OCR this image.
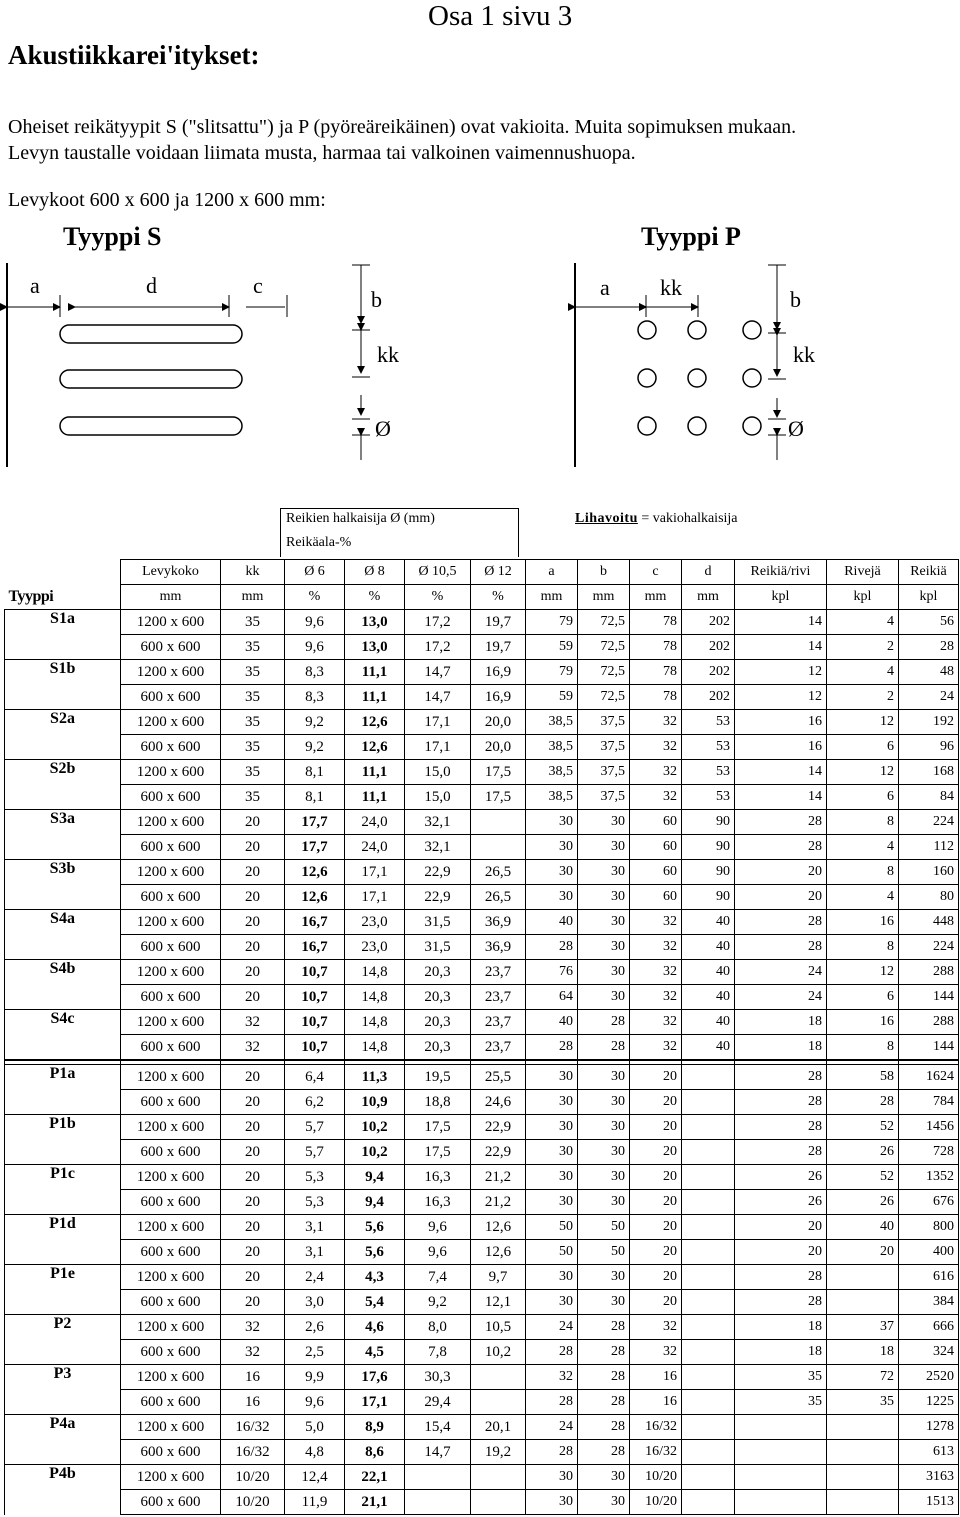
Osa 1 sivu 3
Akustiikkarei'itykset:
Oheiset reikätyypit S ("slitsattu") ja P (pyöreäreikäinen) ovat vakioita. Muita sopimuksen mukaan.
Levyn taustalle voidaan liimata musta, harmaa tai valkoinen vaimennushuopa.
Levykoot 600 x 600 ja 1200 x 600 mm:
Tyyppi S	Tyyppi P
a	d	c
b
kk
Ø
a kk	b
kk
Ø
Reikien halkaisija Ø (mm)
Reikäala-%
Lihavoitu = vakiohalkaisija
	Levykoko	kk	Ø 6	Ø 8	Ø 10,5	Ø 12	a	b	c	d	Reikiä/rivi	Rivejä	Reikiä
Tyyppi	mm	mm	%	%	%	%	mm	mm	mm	mm	kpl	kpl	kpl
S1a	1200 x 600	35	9,6	13,0	17,2	19,7	79	72,5	78	202	14	4	56
	600 x 600	35	9,6	13,0	17,2	19,7	59	72,5	78	202	14	2	28
S1b	1200 x 600	35	8,3	11,1	14,7	16,9	79	72,5	78	202	12	4	48
	600 x 600	35	8,3	11,1	14,7	16,9	59	72,5	78	202	12	2	24
S2a	1200 x 600	35	9,2	12,6	17,1	20,0	38,5	37,5	32	53	16	12	192
	600 x 600	35	9,2	12,6	17,1	20,0	38,5	37,5	32	53	16	6	96
S2b	1200 x 600	35	8,1	11,1	15,0	17,5	38,5	37,5	32	53	14	12	168
	600 x 600	35	8,1	11,1	15,0	17,5	38,5	37,5	32	53	14	6	84
S3a	1200 x 600	20	17,7	24,0	32,1		30	30	60	90	28	8	224
	600 x 600	20	17,7	24,0	32,1		30	30	60	90	28	4	112
S3b	1200 x 600	20	12,6	17,1	22,9	26,5	30	30	60	90	20	8	160
	600 x 600	20	12,6	17,1	22,9	26,5	30	30	60	90	20	4	80
S4a	1200 x 600	20	16,7	23,0	31,5	36,9	40	30	32	40	28	16	448
	600 x 600	20	16,7	23,0	31,5	36,9	28	30	32	40	28	8	224
S4b	1200 x 600	20	10,7	14,8	20,3	23,7	76	30	32	40	24	12	288
	600 x 600	20	10,7	14,8	20,3	23,7	64	30	32	40	24	6	144
S4c	1200 x 600	32	10,7	14,8	20,3	23,7	40	28	32	40	18	16	288
	600 x 600	32	10,7	14,8	20,3	23,7	28	28	32	40	18	8	144

P1a	1200 x 600	20	6,4	11,3	19,5	25,5	30	30	20		28	58	1624
	600 x 600	20	6,2	10,9	18,8	24,6	30	30	20		28	28	784
P1b	1200 x 600	20	5,7	10,2	17,5	22,9	30	30	20		28	52	1456
	600 x 600	20	5,7	10,2	17,5	22,9	30	30	20		28	26	728
P1c	1200 x 600	20	5,3	9,4	16,3	21,2	30	30	20		26	52	1352
	600 x 600	20	5,3	9,4	16,3	21,2	30	30	20		26	26	676
P1d	1200 x 600	20	3,1	5,6	9,6	12,6	50	50	20		20	40	800
	600 x 600	20	3,1	5,6	9,6	12,6	50	50	20		20	20	400
P1e	1200 x 600	20	2,4	4,3	7,4	9,7	30	30	20		28		616
	600 x 600	20	3,0	5,4	9,2	12,1	30	30	20		28		384
P2	1200 x 600	32	2,6	4,6	8,0	10,5	24	28	32		18	37	666
	600 x 600	32	2,5	4,5	7,8	10,2	28	28	32		18	18	324
P3	1200 x 600	16	9,9	17,6	30,3		32	28	16		35	72	2520
	600 x 600	16	9,6	17,1	29,4		28	28	16		35	35	1225
P4a	1200 x 600	16/32	5,0	8,9	15,4	20,1	24	28	16/32				1278
	600 x 600	16/32	4,8	8,6	14,7	19,2	28	28	16/32				613
P4b	1200 x 600	10/20	12,4	22,1			30	30	10/20				3163
	600 x 600	10/20	11,9	21,1			30	30	10/20				1513
